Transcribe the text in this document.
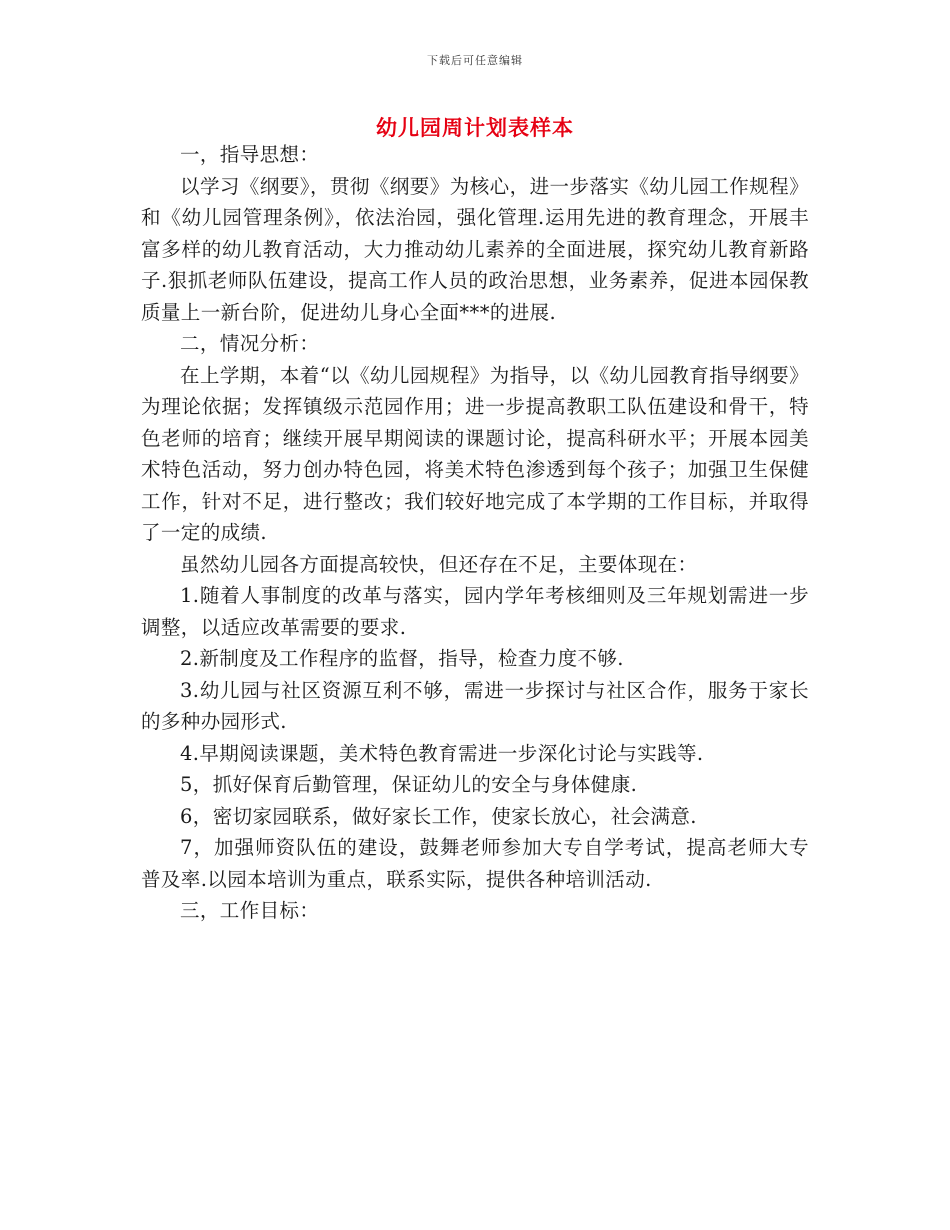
下载后可任意编辑
幼儿园周计划表样本

一，指导思想：

以学习《纲要》，贯彻《纲要》为核心，进一步落实《幼儿园工作规程》和《幼儿园管理条例》，依法治园，强化管理.运用先进的教育理念，开展丰富多样的幼儿教育活动，大力推动幼儿素养的全面进展，探究幼儿教育新路子.狠抓老师队伍建设，提高工作人员的政治思想，业务素养，促进本园保教质量上一新台阶，促进幼儿身心全面***的进展.

二，情况分析：

在上学期，本着“以《幼儿园规程》为指导，以《幼儿园教育指导纲要》为理论依据；发挥镇级示范园作用；进一步提高教职工队伍建设和骨干，特色老师的培育；继续开展早期阅读的课题讨论，提高科研水平；开展本园美术特色活动，努力创办特色园，将美术特色渗透到每个孩子；加强卫生保健工作，针对不足，进行整改；我们较好地完成了本学期的工作目标，并取得了一定的成绩.

虽然幼儿园各方面提高较快，但还存在不足，主要体现在：

1.随着人事制度的改革与落实，园内学年考核细则及三年规划需进一步调整，以适应改革需要的要求.

2.新制度及工作程序的监督，指导，检查力度不够.

3.幼儿园与社区资源互利不够，需进一步探讨与社区合作，服务于家长的多种办园形式.

4.早期阅读课题，美术特色教育需进一步深化讨论与实践等.

5，抓好保育后勤管理，保证幼儿的安全与身体健康.

6，密切家园联系，做好家长工作，使家长放心，社会满意.

7，加强师资队伍的建设，鼓舞老师参加大专自学考试，提高老师大专普及率.以园本培训为重点，联系实际，提供各种培训活动.

三，工作目标：
